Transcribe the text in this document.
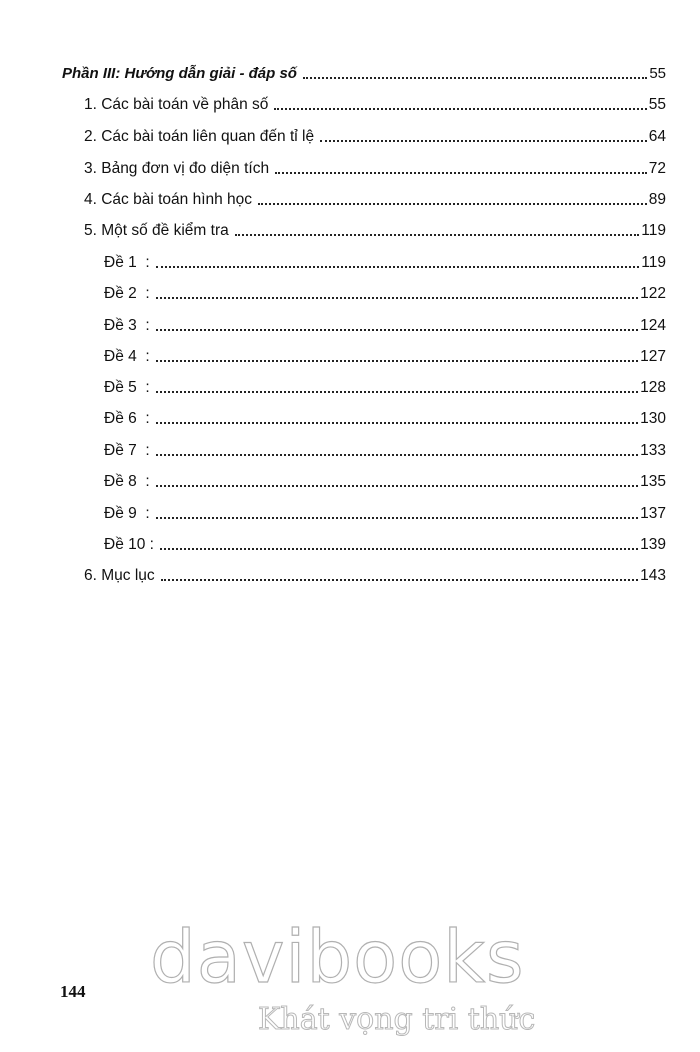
Phần III: Hướng dẫn giải - đáp số	55
1. Các bài toán về phân số	55
2. Các bài toán liên quan đến tỉ lệ	64
3. Bảng đơn vị đo diện tích	72
4. Các bài toán hình học	89
5. Một số đề kiểm tra	119
Đề 1  :	119
Đề 2  :	122
Đề 3  :	124
Đề 4  :	127
Đề 5  :	128
Đề 6  :	130
Đề 7  :	133
Đề 8  :	135
Đề 9  :	137
Đề 10 :	139
6. Mục lục	143
144 davibooks
Khát vọng tri thức
